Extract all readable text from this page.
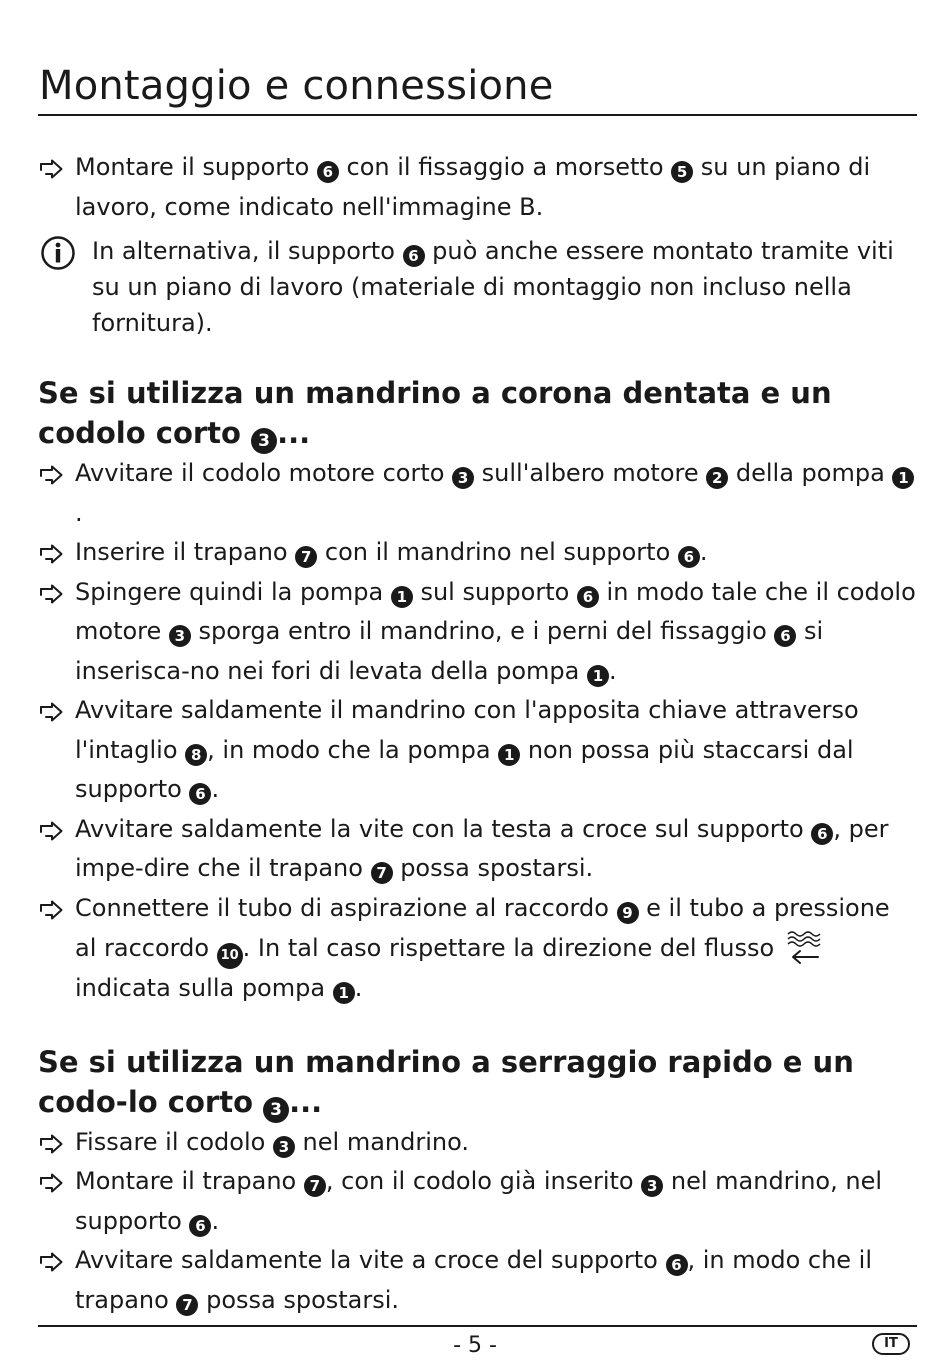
Montaggio e connessione
Montare il supporto 6 con il fissaggio a morsetto 5 su un piano di lavoro, come indicato nell'immagine B.
In alternativa, il supporto 6 può anche essere montato tramite viti su un piano di lavoro (materiale di montaggio non incluso nella fornitura).
Se si utilizza un mandrino a corona dentata e un codolo corto 3 ...
Avvitare il codolo motore corto 3 sull'albero motore 2 della pompa 1.
Inserire il trapano 7 con il mandrino nel supporto 6 .
Spingere quindi la pompa 1 sul supporto 6 in modo tale che il codolo motore 3 sporga entro il mandrino, e i perni del fissaggio 6 si inserisca-no nei fori di levata della pompa 1 .
Avvitare saldamente il mandrino con l'apposita chiave attraverso l'intaglio 8 , in modo che la pompa 1 non possa più staccarsi dal supporto 6 .
Avvitare saldamente la vite con la testa a croce sul supporto 6 , per impe-dire che il trapano 7 possa spostarsi.
Connettere il tubo di aspirazione al raccordo 9 e il tubo a pressione al raccordo 10 . In tal caso rispettare la direzione del flusso  indicata sulla pompa 1 .
Se si utilizza un mandrino a serraggio rapido e un codo-lo corto 3 ...
Fissare il codolo 3 nel mandrino.
Montare il trapano 7 , con il codolo già inserito 3 nel mandrino, nel supporto 6 .
Avvitare saldamente la vite a croce del supporto 6 , in modo che il trapano 7 possa spostarsi.
- 5 -	IT
